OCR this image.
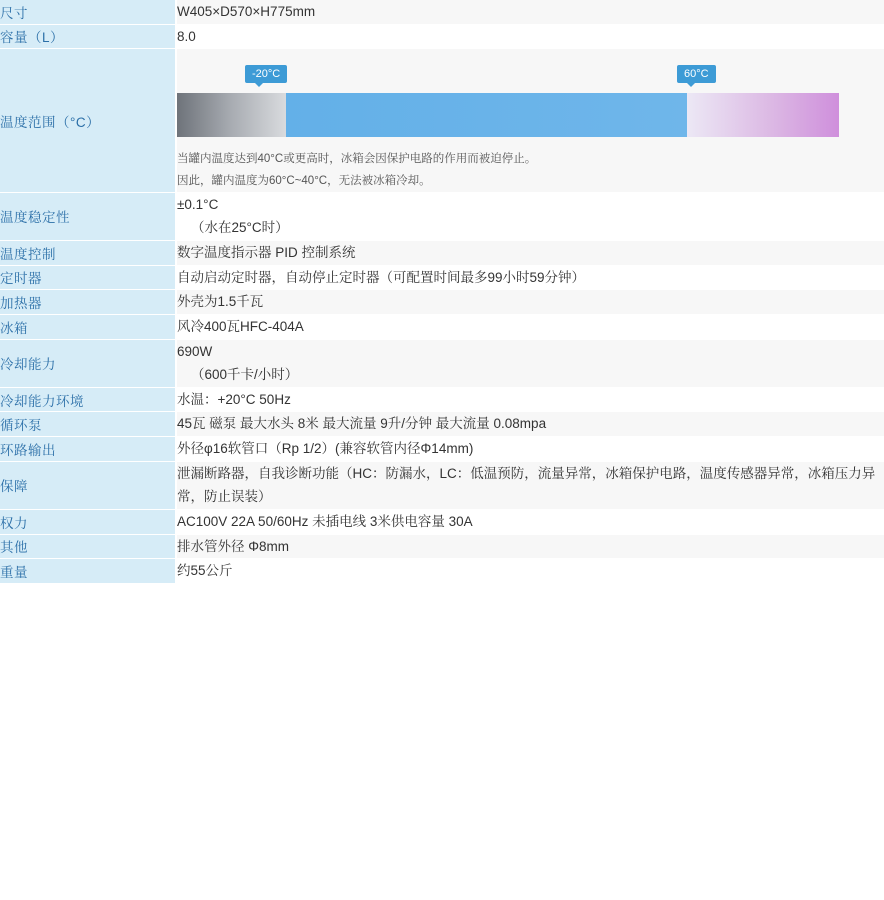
尺寸	W405×D570×H775mm

容量（L）	8.0

温度范围（°C）	-20°C 60°C
当罐内温度达到40°C或更高时，冰箱会因保护电路的作用而被迫停止。
因此，罐内温度为60°C~40°C，无法被冰箱冷却。

温度稳定性	±0.1°C
（水在25°C时）

温度控制	数字温度指示器 PID 控制系统

定时器	自动启动定时器，自动停止定时器（可配置时间最多99小时59分钟）

加热器	外壳为1.5千瓦

冰箱	风冷400瓦HFC-404A

冷却能力	690W
（600千卡/小时）

冷却能力环境	水温：+20°C 50Hz

循环泵	45瓦 磁泵 最大水头 8米 最大流量 9升/分钟 最大流量 0.08mpa

环路输出	外径φ16软管口（Rp 1/2）(兼容软管内径Φ14mm)

保障	泄漏断路器，自我诊断功能（HC：防漏水，LC：低温预防，流量异常，冰箱保护电路，温度传感器异常，冰箱压力异常，防止误装）

权力	AC100V 22A 50/60Hz 未插电线 3米供电容量 30A

其他	排水管外径 Φ8mm

重量	约55公斤
